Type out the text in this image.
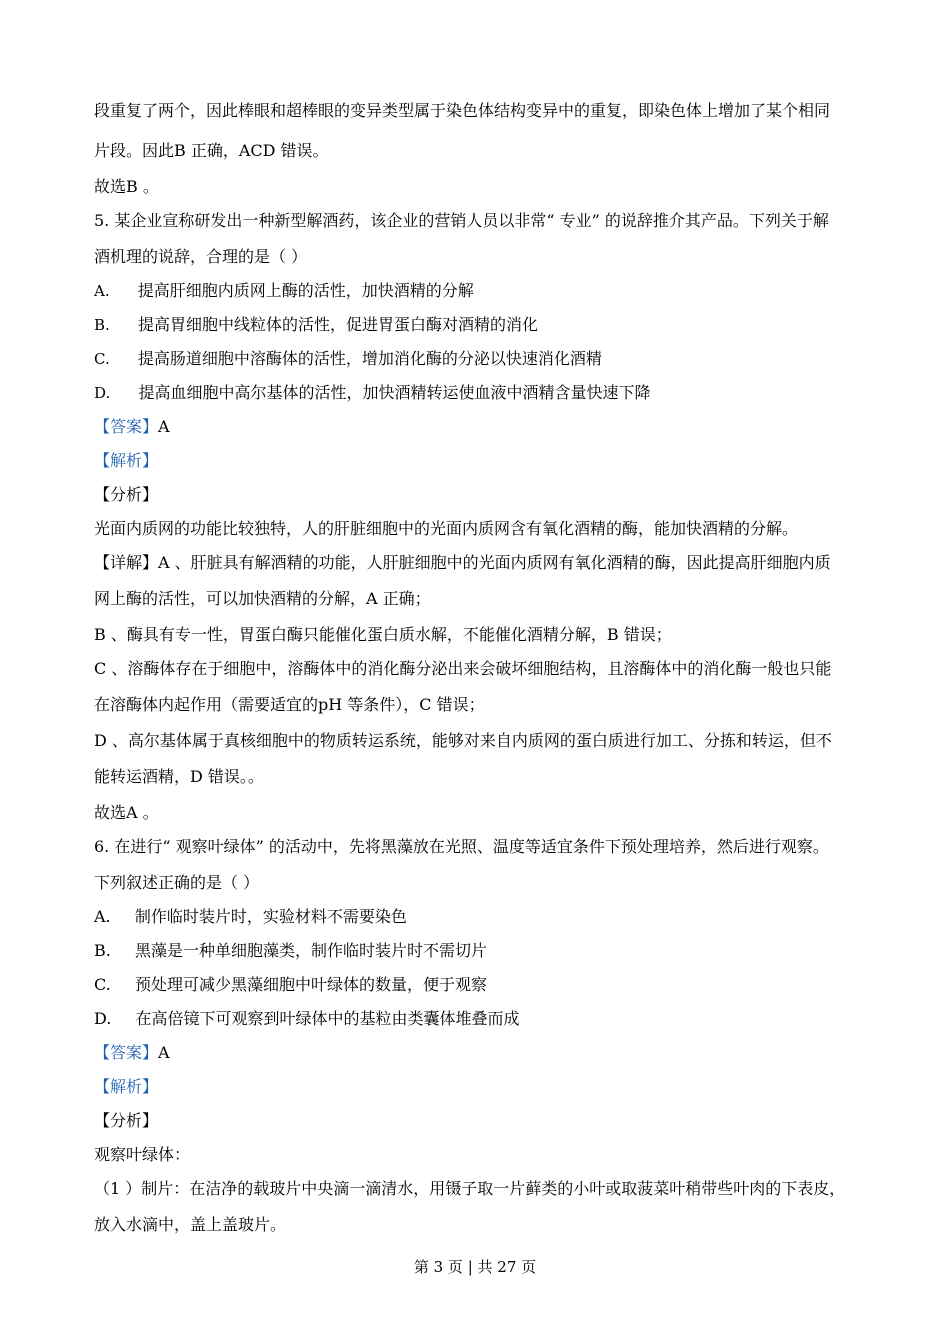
段重复了两个，因此棒眼和超棒眼的变异类型属于染色体结构变异中的重复，即染色体上增加了某个相同
片段。因此B 正确，ACD 错误。
故选B 。
5. 某企业宣称研发出一种新型解酒药，该企业的营销人员以非常“ 专业” 的说辞推介其产品。下列关于解
酒机理的说辞，合理的是（ ）
A. 提高肝细胞内质网上酶的活性，加快酒精的分解
B. 提高胃细胞中线粒体的活性，促进胃蛋白酶对酒精的消化
C. 提高肠道细胞中溶酶体的活性，增加消化酶的分泌以快速消化酒精
D. 提高血细胞中高尔基体的活性，加快酒精转运使血液中酒精含量快速下降
【答案】A
【解析】
【分析】
光面内质网的功能比较独特，人的肝脏细胞中的光面内质网含有氧化酒精的酶，能加快酒精的分解。
【详解】A 、肝脏具有解酒精的功能，人肝脏细胞中的光面内质网有氧化酒精的酶，因此提高肝细胞内质
网上酶的活性，可以加快酒精的分解，A 正确；
B 、酶具有专一性，胃蛋白酶只能催化蛋白质水解，不能催化酒精分解，B 错误；
C 、溶酶体存在于细胞中，溶酶体中的消化酶分泌出来会破坏细胞结构，且溶酶体中的消化酶一般也只能
在溶酶体内起作用（需要适宜的pH 等条件），C 错误；
D 、高尔基体属于真核细胞中的物质转运系统，能够对来自内质网的蛋白质进行加工、分拣和转运，但不
能转运酒精，D 错误。。
故选A 。
6. 在进行“ 观察叶绿体” 的活动中，先将黑藻放在光照、温度等适宜条件下预处理培养，然后进行观察。
下列叙述正确的是（ ）
A. 制作临时装片时，实验材料不需要染色
B. 黑藻是一种单细胞藻类，制作临时装片时不需切片
C. 预处理可减少黑藻细胞中叶绿体的数量，便于观察
D. 在高倍镜下可观察到叶绿体中的基粒由类囊体堆叠而成
【答案】A
【解析】
【分析】
观察叶绿体：
（1 ）制片：在洁净的载玻片中央滴一滴清水，用镊子取一片藓类的小叶或取菠菜叶稍带些叶肉的下表皮，
放入水滴中，盖上盖玻片。
第 3 页 | 共 27 页
